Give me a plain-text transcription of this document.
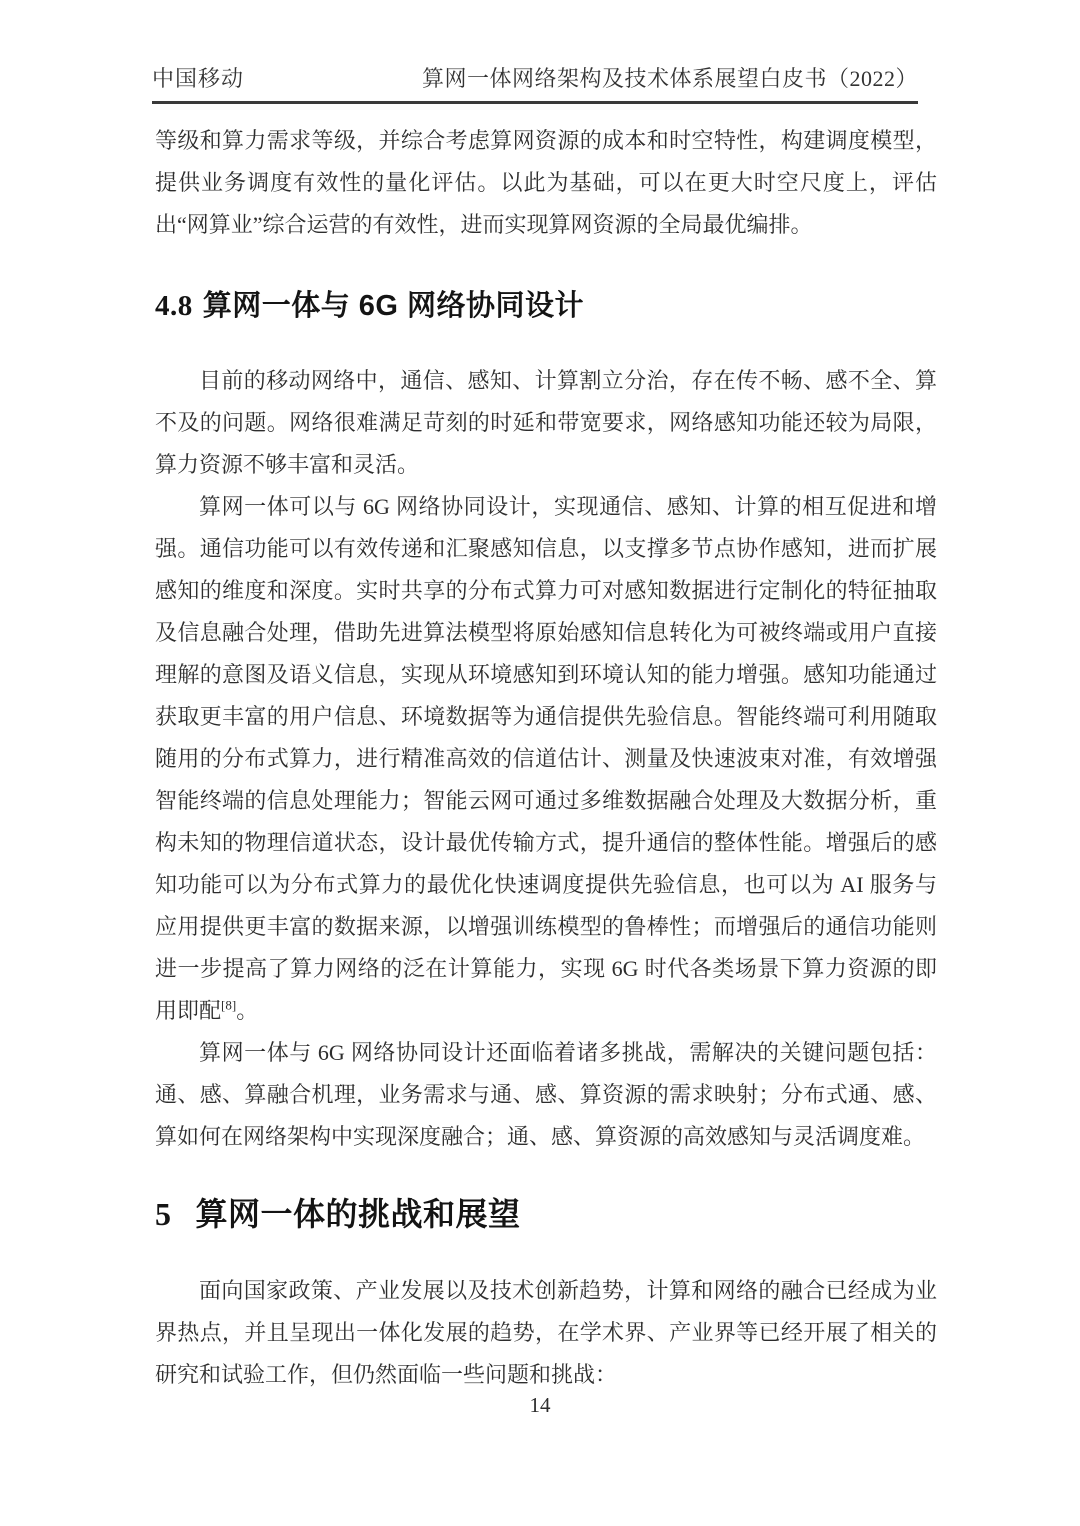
中国移动	算网一体网络架构及技术体系展望白皮书（2022）

等级和算力需求等级，并综合考虑算网资源的成本和时空特性，构建调度模型，提供业务调度有效性的量化评估。以此为基础，可以在更大时空尺度上，评估出“网算业”综合运营的有效性，进而实现算网资源的全局最优编排。

4.8 算网一体与 6G 网络协同设计

目前的移动网络中，通信、感知、计算割立分治，存在传不畅、感不全、算不及的问题。网络很难满足苛刻的时延和带宽要求，网络感知功能还较为局限，算力资源不够丰富和灵活。

算网一体可以与 6G 网络协同设计，实现通信、感知、计算的相互促进和增强。通信功能可以有效传递和汇聚感知信息，以支撑多节点协作感知，进而扩展感知的维度和深度。实时共享的分布式算力可对感知数据进行定制化的特征抽取及信息融合处理，借助先进算法模型将原始感知信息转化为可被终端或用户直接理解的意图及语义信息，实现从环境感知到环境认知的能力增强。感知功能通过获取更丰富的用户信息、环境数据等为通信提供先验信息。智能终端可利用随取随用的分布式算力，进行精准高效的信道估计、测量及快速波束对准，有效增强智能终端的信息处理能力；智能云网可通过多维数据融合处理及大数据分析，重构未知的物理信道状态，设计最优传输方式，提升通信的整体性能。增强后的感知功能可以为分布式算力的最优化快速调度提供先验信息，也可以为 AI 服务与应用提供更丰富的数据来源，以增强训练模型的鲁棒性；而增强后的通信功能则进一步提高了算力网络的泛在计算能力，实现 6G 时代各类场景下算力资源的即用即配[8]。

算网一体与 6G 网络协同设计还面临着诸多挑战，需解决的关键问题包括：通、感、算融合机理，业务需求与通、感、算资源的需求映射；分布式通、感、算如何在网络架构中实现深度融合；通、感、算资源的高效感知与灵活调度难。

5 算网一体的挑战和展望

面向国家政策、产业发展以及技术创新趋势，计算和网络的融合已经成为业界热点，并且呈现出一体化发展的趋势，在学术界、产业界等已经开展了相关的研究和试验工作，但仍然面临一些问题和挑战：

14
